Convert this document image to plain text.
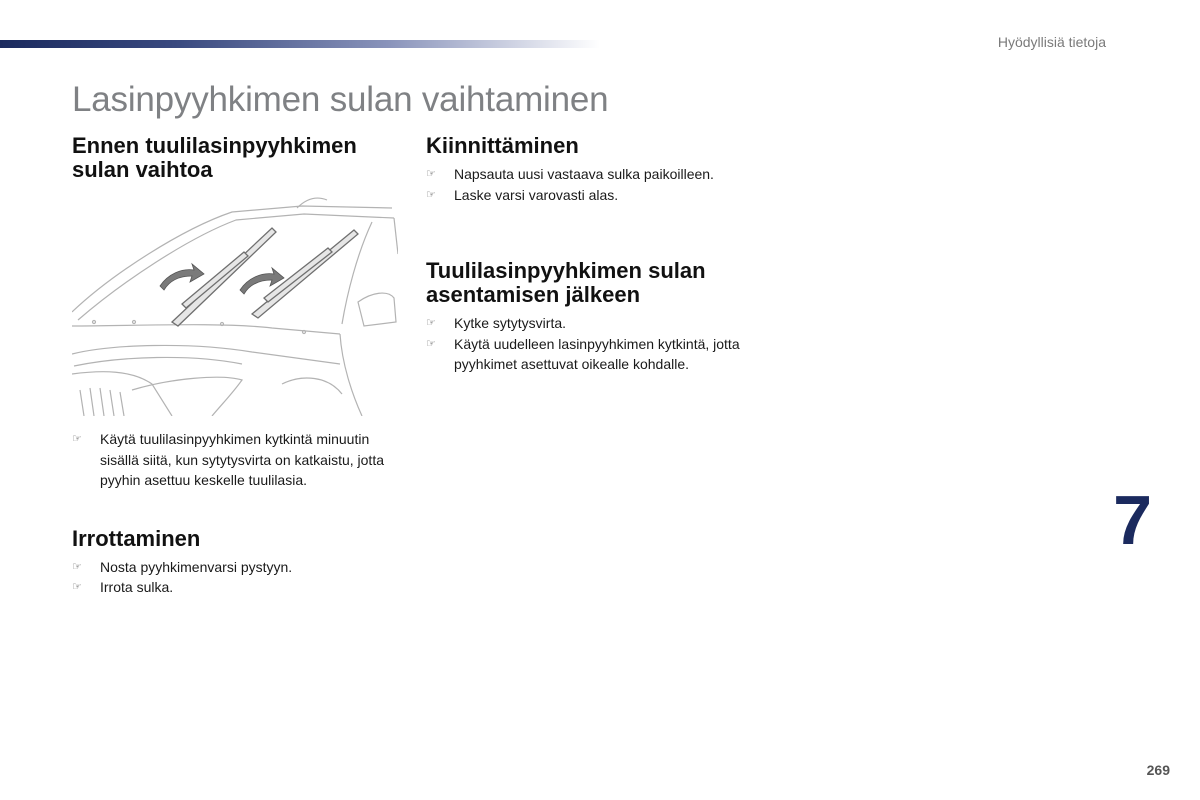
Hyödyllisiä tietoja
Lasinpyyhkimen sulan vaihtaminen
Ennen tuulilasinpyyhkimen
sulan vaihtoa
☞ Käytä tuulilasinpyyhkimen kytkintä minuutin sisällä siitä, kun sytytysvirta on katkaistu, jotta pyyhin asettuu keskelle tuulilasia.
Irrottaminen
☞ Nosta pyyhkimenvarsi pystyyn.
☞ Irrota sulka.
Kiinnittäminen
☞ Napsauta uusi vastaava sulka paikoilleen.
☞ Laske varsi varovasti alas.
Tuulilasinpyyhkimen sulan
asentamisen jälkeen
☞ Kytke sytytysvirta.
☞ Käytä uudelleen lasinpyyhkimen kytkintä, jotta pyyhkimet asettuvat oikealle kohdalle.
7
269
